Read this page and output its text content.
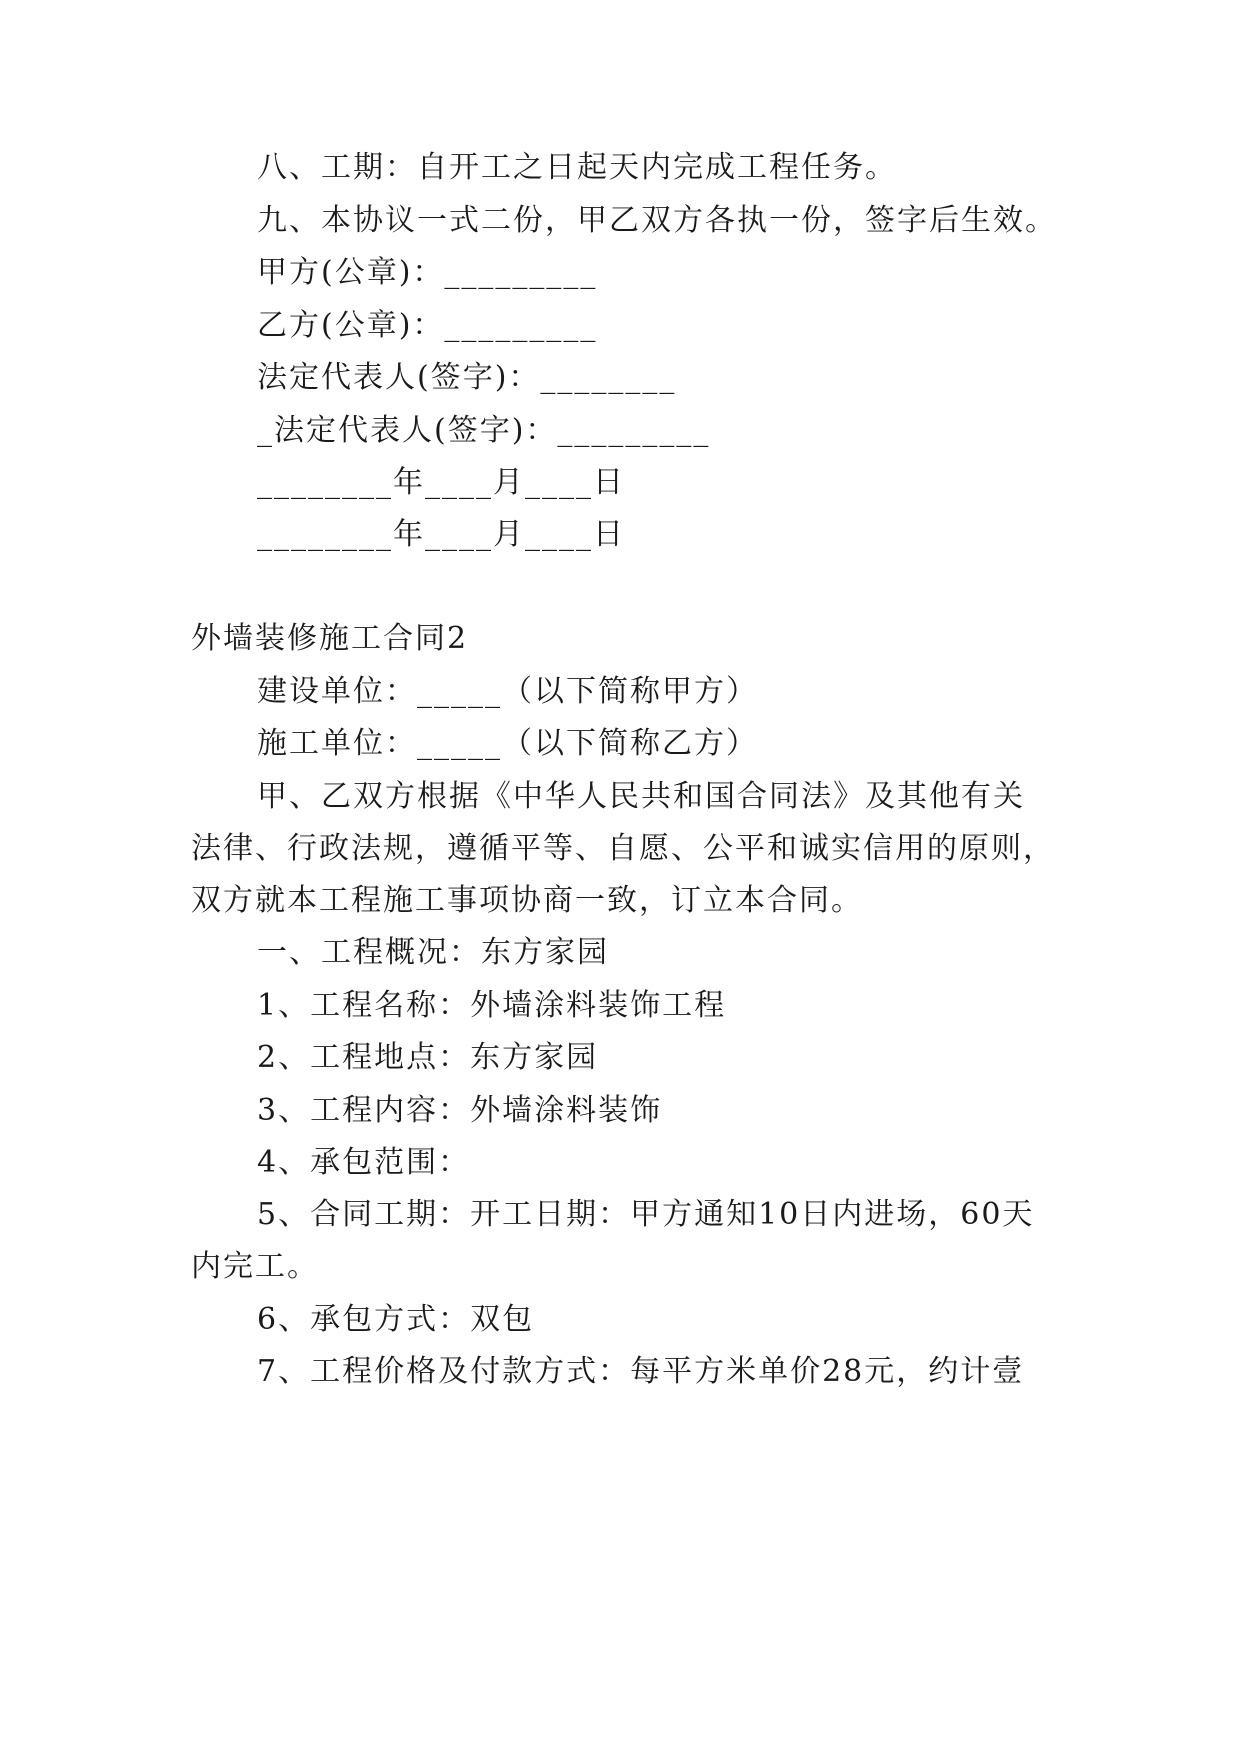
八、工期：自开工之日起天内完成工程任务。
九、本协议一式二份，甲乙双方各执一份，签字后生效。
甲方(公章)：_________
乙方(公章)：_________
法定代表人(签字)：________
_法定代表人(签字)：_________
________年____月____日
________年____月____日
外墙装修施工合同2
建设单位：_____（以下简称甲方）
施工单位：_____（以下简称乙方）
甲、乙双方根据《中华人民共和国合同法》及其他有关
法律、行政法规，遵循平等、自愿、公平和诚实信用的原则，
双方就本工程施工事项协商一致，订立本合同。
一、工程概况：东方家园
1、工程名称：外墙涂料装饰工程
2、工程地点：东方家园
3、工程内容：外墙涂料装饰
4、承包范围：
5、合同工期：开工日期：甲方通知10日内进场，60天
内完工。
6、承包方式：双包
7、工程价格及付款方式：每平方米单价28元，约计壹
